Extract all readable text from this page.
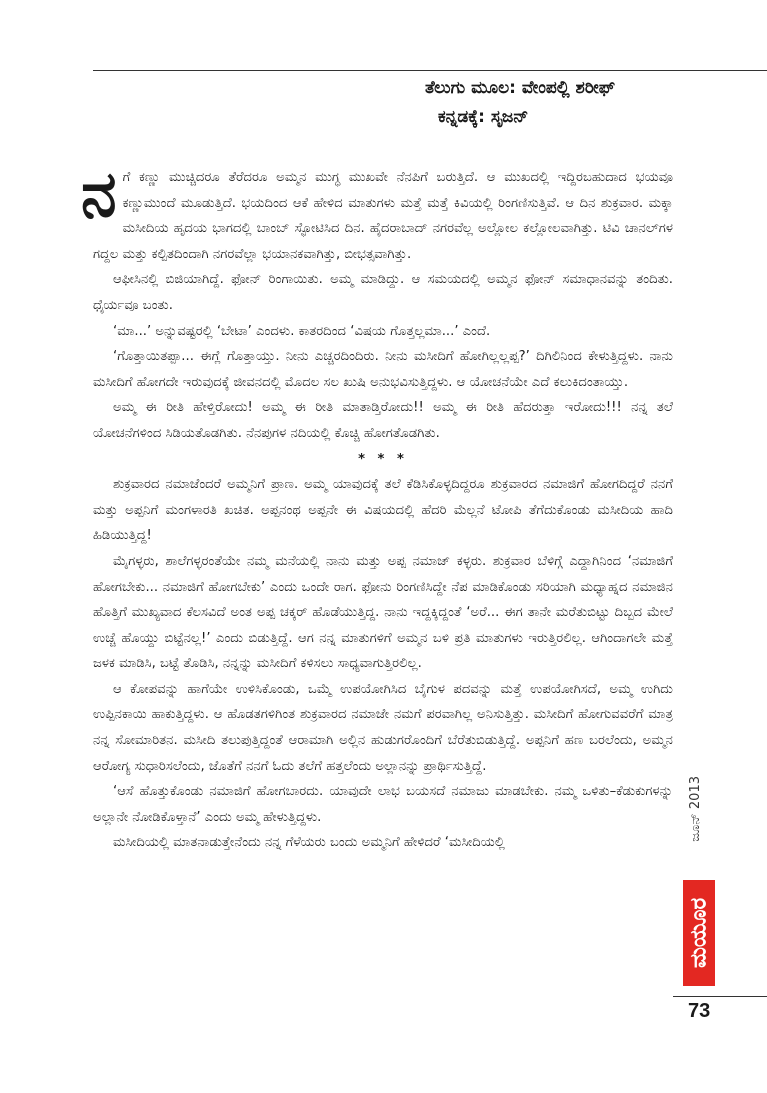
ತೆಲುಗು ಮೂಲ: ವೇಂಪಲ್ಲಿ ಶರೀಫ್
ಕನ್ನಡಕ್ಕೆ: ಸೃಜನ್

ನಗೆ ಕಣ್ಣು ಮುಚ್ಚಿದರೂ ತೆರೆದರೂ ಅಮ್ಮನ ಮುಗ್ಧ ಮುಖವೇ ನೆನಪಿಗೆ ಬರುತ್ತಿದೆ. ಆ ಮುಖದಲ್ಲಿ ಇದ್ದಿರಬಹುದಾದ ಭಯವೂ ಕಣ್ಣುಮುಂದೆ ಮೂಡುತ್ತಿದೆ. ಭಯದಿಂದ ಆಕೆ ಹೇಳಿದ ಮಾತುಗಳು ಮತ್ತೆ ಮತ್ತೆ ಕಿವಿಯಲ್ಲಿ ರಿಂಗಣಿಸುತ್ತಿವೆ. ಆ ದಿನ ಶುಕ್ರವಾರ. ಮಕ್ಕಾ ಮಸೀದಿಯ ಹೃದಯ ಭಾಗದಲ್ಲಿ ಬಾಂಬ್ ಸ್ಫೋಟಿಸಿದ ದಿನ. ಹೈದರಾಬಾದ್ ನಗರವೆಲ್ಲ ಅಲ್ಲೋಲ ಕಲ್ಲೋಲವಾಗಿತ್ತು. ಟಿವಿ ಚಾನಲ್‌ಗಳ ಗದ್ದಲ ಮತ್ತು ಕಲ್ಪಿತದಿಂದಾಗಿ ನಗರವೆಲ್ಲಾ ಭಯಾನಕವಾಗಿತ್ತು, ಬೀಭತ್ಸವಾಗಿತ್ತು.

ಆಫೀಸಿನಲ್ಲಿ ಬಿಜಿಯಾಗಿದ್ದೆ. ಫೋನ್ ರಿಂಗಾಯಿತು. ಅಮ್ಮ ಮಾಡಿದ್ದು. ಆ ಸಮಯದಲ್ಲಿ ಅಮ್ಮನ ಫೋನ್ ಸಮಾಧಾನವನ್ನು ತಂದಿತು. ಧೈರ್ಯವೂ ಬಂತು.

‘ಮಾ...’ ಅನ್ನುವಷ್ಟರಲ್ಲಿ ‘ಬೇಟಾ’ ಎಂದಳು. ಕಾತರದಿಂದ ‘ವಿಷಯ ಗೊತ್ತಲ್ಲಮಾ...’ ಎಂದೆ.

‘ಗೊತ್ತಾಯಿತಪ್ಪಾ... ಈಗ್ಲೆ ಗೊತ್ತಾಯ್ತು. ನೀನು ಎಚ್ಚರದಿಂದಿರು. ನೀನು ಮಸೀದಿಗೆ ಹೋಗಿಲ್ಲಲ್ಲಪ್ಪ?’ ದಿಗಿಲಿನಿಂದ ಕೇಳುತ್ತಿದ್ದಳು. ನಾನು ಮಸೀದಿಗೆ ಹೋಗದೇ ಇರುವುದಕ್ಕೆ ಜೀವನದಲ್ಲಿ ಮೊದಲ ಸಲ ಖುಷಿ ಅನುಭವಿಸುತ್ತಿದ್ದಳು. ಆ ಯೋಚನೆಯೇ ಎದೆ ಕಲುಕಿದಂತಾಯ್ತು.

ಅಮ್ಮ ಈ ರೀತಿ ಹೇಳ್ತಿರೋದು! ಅಮ್ಮ ಈ ರೀತಿ ಮಾತಾಡ್ತಿರೋದು!! ಅಮ್ಮ ಈ ರೀತಿ ಹೆದರುತ್ತಾ ಇರೋದು!!! ನನ್ನ ತಲೆ ಯೋಚನೆಗಳಿಂದ ಸಿಡಿಯತೊಡಗಿತು. ನೆನಪುಗಳ ನದಿಯಲ್ಲಿ ಕೊಚ್ಚಿ ಹೋಗತೊಡಗಿತು.

* * *

ಶುಕ್ರವಾರದ ನಮಾಜೆಂದರೆ ಅಮ್ಮನಿಗೆ ಪ್ರಾಣ. ಅಮ್ಮ ಯಾವುದಕ್ಕೆ ತಲೆ ಕೆಡಿಸಿಕೊಳ್ಳದಿದ್ದರೂ ಶುಕ್ರವಾರದ ನಮಾಜಿಗೆ ಹೋಗದಿದ್ದರೆ ನನಗೆ ಮತ್ತು ಅಪ್ಪನಿಗೆ ಮಂಗಳಾರತಿ ಖಚಿತ. ಅಪ್ಪನಂಥ ಅಪ್ಪನೇ ಈ ವಿಷಯದಲ್ಲಿ ಹೆದರಿ ಮೆಲ್ಲನೆ ಟೋಪಿ ತೆಗೆದುಕೊಂಡು ಮಸೀದಿಯ ಹಾದಿ ಹಿಡಿಯುತ್ತಿದ್ದ!

ಮೈಗಳ್ಳರು, ಶಾಲೆಗಳ್ಳರಂತೆಯೇ ನಮ್ಮ ಮನೆಯಲ್ಲಿ ನಾನು ಮತ್ತು ಅಪ್ಪ ನಮಾಜ್ ಕಳ್ಳರು. ಶುಕ್ರವಾರ ಬೆಳಿಗ್ಗೆ ಎದ್ದಾಗಿನಿಂದ ‘ನಮಾಜಿಗೆ ಹೋಗಬೇಕು... ನಮಾಜಿಗೆ ಹೋಗಬೇಕು’ ಎಂದು ಒಂದೇ ರಾಗ. ಫೋನು ರಿಂಗಣಿಸಿದ್ದೇ ನೆಪ ಮಾಡಿಕೊಂಡು ಸರಿಯಾಗಿ ಮಧ್ಯಾಹ್ನದ ನಮಾಜಿನ ಹೊತ್ತಿಗೆ ಮುಖ್ಯವಾದ ಕೆಲಸವಿದೆ ಅಂತ ಅಪ್ಪ ಚಕ್ಕರ್ ಹೊಡೆಯುತ್ತಿದ್ದ. ನಾನು ಇದ್ದಕ್ಕಿದ್ದಂತೆ ‘ಅರೆ... ಈಗ ತಾನೇ ಮರೆತುಬಿಟ್ಟು ದಿಬ್ಬದ ಮೇಲೆ ಉಚ್ಚೆ ಹೊಯ್ದು ಬಿಟ್ಟೆನಲ್ಲ!’ ಎಂದು ಬಿಡುತ್ತಿದ್ದೆ. ಆಗ ನನ್ನ ಮಾತುಗಳಿಗೆ ಅಮ್ಮನ ಬಳಿ ಪ್ರತಿ ಮಾತುಗಳು ಇರುತ್ತಿರಲಿಲ್ಲ. ಆಗಿಂದಾಗಲೇ ಮತ್ತೆ ಜಳಕ ಮಾಡಿಸಿ, ಬಟ್ಟೆ ತೊಡಿಸಿ, ನನ್ನನ್ನು ಮಸೀದಿಗೆ ಕಳಿಸಲು ಸಾಧ್ಯವಾಗುತ್ತಿರಲಿಲ್ಲ.

ಆ ಕೋಪವನ್ನು ಹಾಗೆಯೇ ಉಳಿಸಿಕೊಂಡು, ಒಮ್ಮೆ ಉಪಯೋಗಿಸಿದ ಬೈಗುಳ ಪದವನ್ನು ಮತ್ತೆ ಉಪಯೋಗಿಸದೆ, ಅಮ್ಮ ಉಗಿದು ಉಪ್ಪಿನಕಾಯಿ ಹಾಕುತ್ತಿದ್ದಳು. ಆ ಹೊಡತಗಳಿಗಿಂತ ಶುಕ್ರವಾರದ ನಮಾಜೇ ನಮಗೆ ಪರವಾಗಿಲ್ಲ ಅನಿಸುತ್ತಿತ್ತು. ಮಸೀದಿಗೆ ಹೋಗುವವರೆಗೆ ಮಾತ್ರ ನನ್ನ ಸೋಮಾರಿತನ. ಮಸೀದಿ ತಲುಪುತ್ತಿದ್ದಂತೆ ಆರಾಮಾಗಿ ಅಲ್ಲಿನ ಹುಡುಗರೊಂದಿಗೆ ಬೆರೆತುಬಿಡುತ್ತಿದ್ದೆ. ಅಪ್ಪನಿಗೆ ಹಣ ಬರಲೆಂದು, ಅಮ್ಮನ ಆರೋಗ್ಯ ಸುಧಾರಿಸಲೆಂದು, ಜೊತೆಗೆ ನನಗೆ ಓದು ತಲೆಗೆ ಹತ್ತಲೆಂದು ಅಲ್ಲಾನನ್ನು ಪ್ರಾರ್ಥಿಸುತ್ತಿದ್ದೆ.

‘ಆಸೆ ಹೊತ್ತುಕೊಂಡು ನಮಾಜಿಗೆ ಹೋಗಬಾರದು. ಯಾವುದೇ ಲಾಭ ಬಯಸದೆ ನಮಾಜು ಮಾಡಬೇಕು. ನಮ್ಮ ಒಳಿತು–ಕೆಡುಕುಗಳನ್ನು ಅಲ್ಲಾನೇ ನೋಡಿಕೊಳ್ತಾನೆ’ ಎಂದು ಅಮ್ಮ ಹೇಳುತ್ತಿದ್ದಳು.

ಮಸೀದಿಯಲ್ಲಿ ಮಾತನಾಡುತ್ತೇನೆಂದು ನನ್ನ ಗೆಳೆಯರು ಬಂದು ಅಮ್ಮನಿಗೆ ಹೇಳಿದರೆ ‘ಮಸೀದಿಯಲ್ಲಿ

ಜೂನ್ 2013
ಮಯೂರ
73
